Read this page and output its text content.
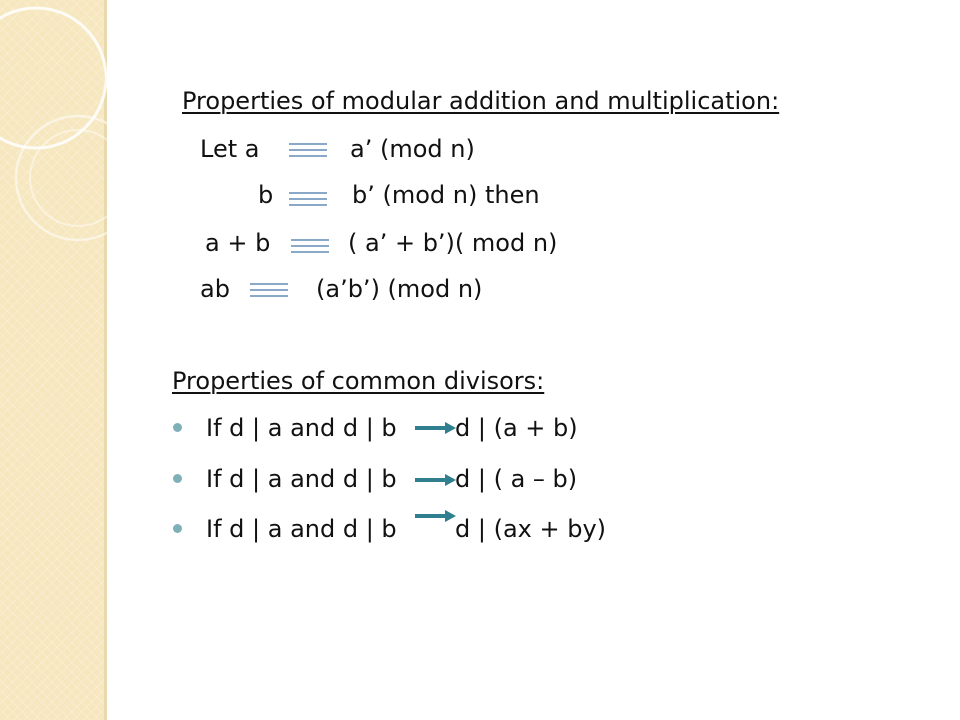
Properties of modular addition and multiplication:
Let a	a’ (mod n)
b	b’ (mod n) then
a + b	( a’ + b’)( mod n)
ab	(a’b’) (mod n)
Properties of common divisors:
If d | a and d | b d | (a + b)
If d | a and d | b d | ( a – b)
If d | a and d | b d | (ax + by)
